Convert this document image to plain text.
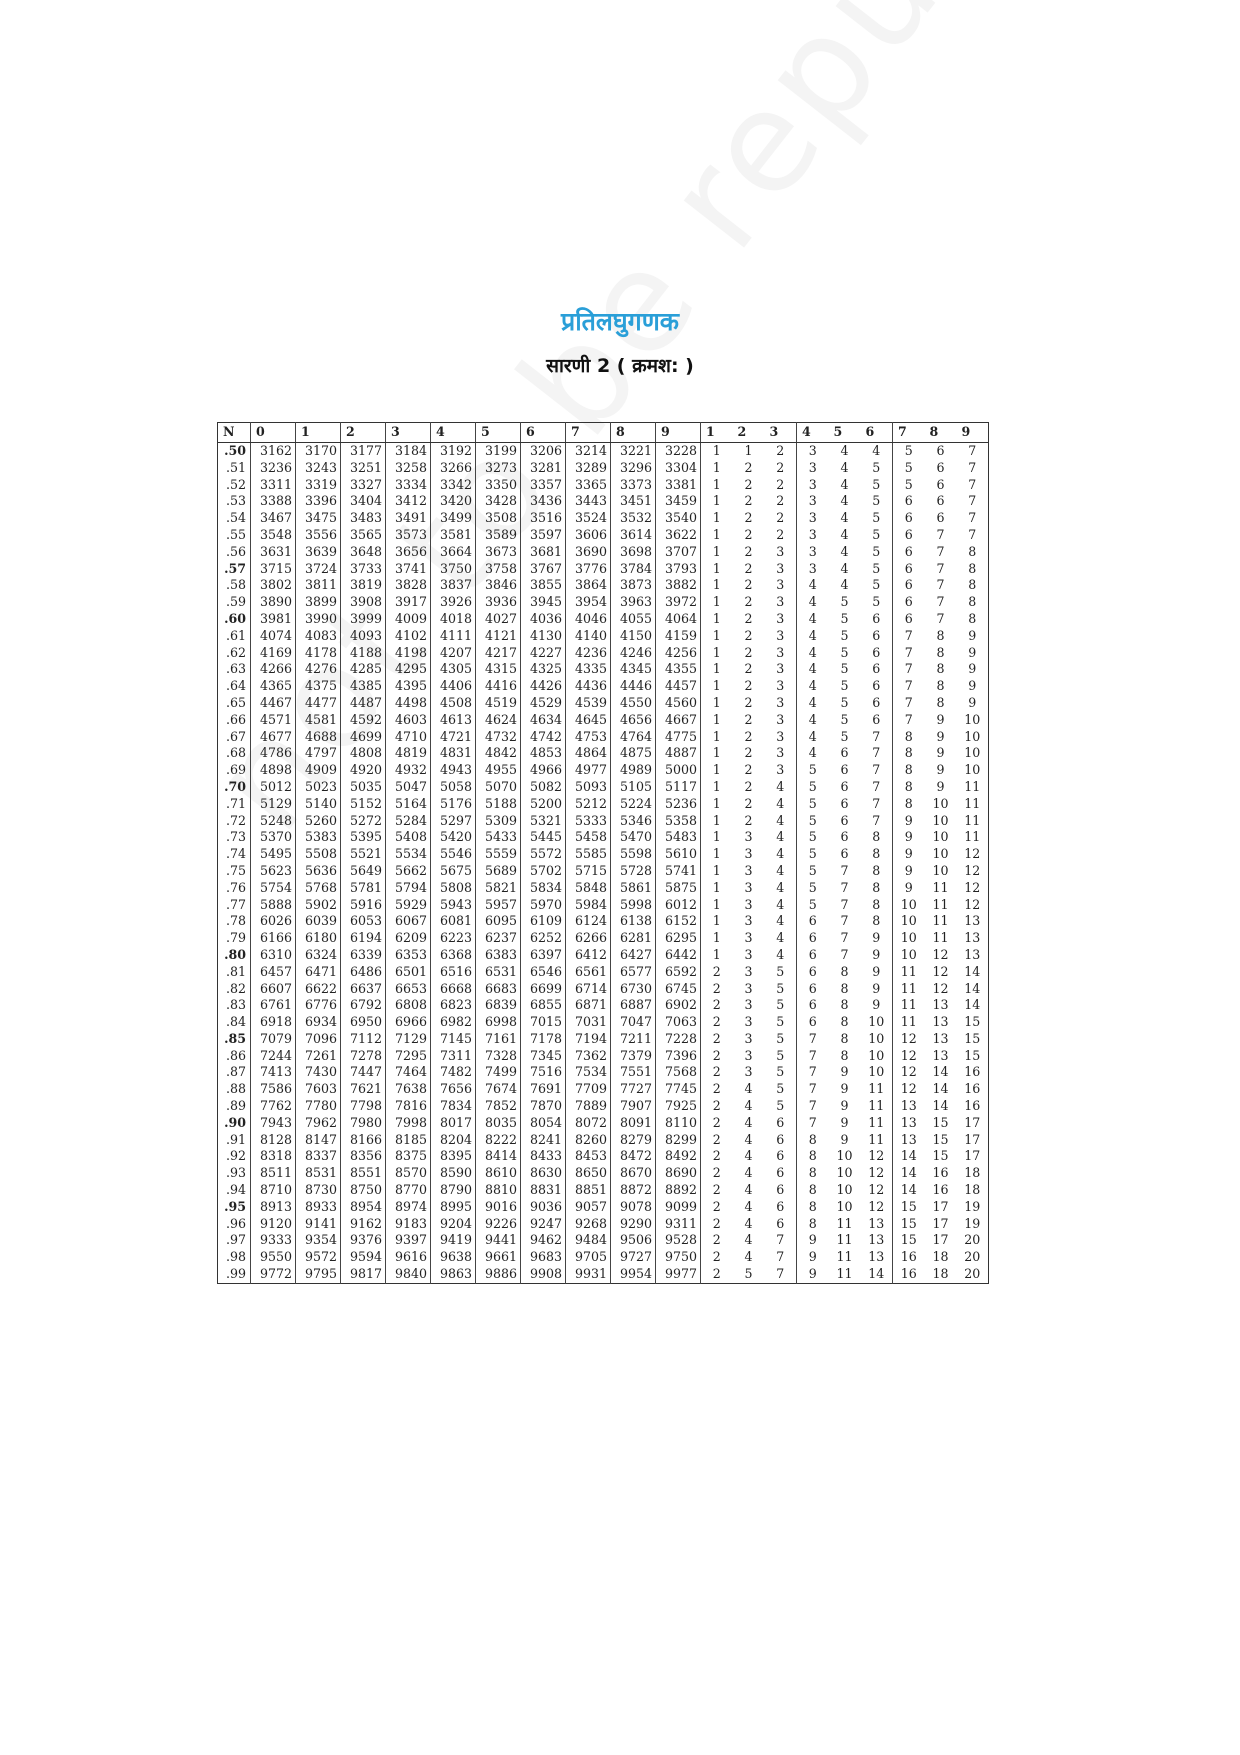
प्रतिलघुगणक
सारणी 2 ( क्रमश: )
N	0	1	2	3	4	5	6	7	8	9	1	2	3	4	5	6	7	8	9
.50	3162	3170	3177	3184	3192	3199	3206	3214	3221	3228	1	1	2	3	4	4	5	6	7
.51	3236	3243	3251	3258	3266	3273	3281	3289	3296	3304	1	2	2	3	4	5	5	6	7
.52	3311	3319	3327	3334	3342	3350	3357	3365	3373	3381	1	2	2	3	4	5	5	6	7
.53	3388	3396	3404	3412	3420	3428	3436	3443	3451	3459	1	2	2	3	4	5	6	6	7
.54	3467	3475	3483	3491	3499	3508	3516	3524	3532	3540	1	2	2	3	4	5	6	6	7
.55	3548	3556	3565	3573	3581	3589	3597	3606	3614	3622	1	2	2	3	4	5	6	7	7
.56	3631	3639	3648	3656	3664	3673	3681	3690	3698	3707	1	2	3	3	4	5	6	7	8
.57	3715	3724	3733	3741	3750	3758	3767	3776	3784	3793	1	2	3	3	4	5	6	7	8
.58	3802	3811	3819	3828	3837	3846	3855	3864	3873	3882	1	2	3	4	4	5	6	7	8
.59	3890	3899	3908	3917	3926	3936	3945	3954	3963	3972	1	2	3	4	5	5	6	7	8
.60	3981	3990	3999	4009	4018	4027	4036	4046	4055	4064	1	2	3	4	5	6	6	7	8
.61	4074	4083	4093	4102	4111	4121	4130	4140	4150	4159	1	2	3	4	5	6	7	8	9
.62	4169	4178	4188	4198	4207	4217	4227	4236	4246	4256	1	2	3	4	5	6	7	8	9
.63	4266	4276	4285	4295	4305	4315	4325	4335	4345	4355	1	2	3	4	5	6	7	8	9
.64	4365	4375	4385	4395	4406	4416	4426	4436	4446	4457	1	2	3	4	5	6	7	8	9
.65	4467	4477	4487	4498	4508	4519	4529	4539	4550	4560	1	2	3	4	5	6	7	8	9
.66	4571	4581	4592	4603	4613	4624	4634	4645	4656	4667	1	2	3	4	5	6	7	9	10
.67	4677	4688	4699	4710	4721	4732	4742	4753	4764	4775	1	2	3	4	5	7	8	9	10
.68	4786	4797	4808	4819	4831	4842	4853	4864	4875	4887	1	2	3	4	6	7	8	9	10
.69	4898	4909	4920	4932	4943	4955	4966	4977	4989	5000	1	2	3	5	6	7	8	9	10
.70	5012	5023	5035	5047	5058	5070	5082	5093	5105	5117	1	2	4	5	6	7	8	9	11
.71	5129	5140	5152	5164	5176	5188	5200	5212	5224	5236	1	2	4	5	6	7	8	10	11
.72	5248	5260	5272	5284	5297	5309	5321	5333	5346	5358	1	2	4	5	6	7	9	10	11
.73	5370	5383	5395	5408	5420	5433	5445	5458	5470	5483	1	3	4	5	6	8	9	10	11
.74	5495	5508	5521	5534	5546	5559	5572	5585	5598	5610	1	3	4	5	6	8	9	10	12
.75	5623	5636	5649	5662	5675	5689	5702	5715	5728	5741	1	3	4	5	7	8	9	10	12
.76	5754	5768	5781	5794	5808	5821	5834	5848	5861	5875	1	3	4	5	7	8	9	11	12
.77	5888	5902	5916	5929	5943	5957	5970	5984	5998	6012	1	3	4	5	7	8	10	11	12
.78	6026	6039	6053	6067	6081	6095	6109	6124	6138	6152	1	3	4	6	7	8	10	11	13
.79	6166	6180	6194	6209	6223	6237	6252	6266	6281	6295	1	3	4	6	7	9	10	11	13
.80	6310	6324	6339	6353	6368	6383	6397	6412	6427	6442	1	3	4	6	7	9	10	12	13
.81	6457	6471	6486	6501	6516	6531	6546	6561	6577	6592	2	3	5	6	8	9	11	12	14
.82	6607	6622	6637	6653	6668	6683	6699	6714	6730	6745	2	3	5	6	8	9	11	12	14
.83	6761	6776	6792	6808	6823	6839	6855	6871	6887	6902	2	3	5	6	8	9	11	13	14
.84	6918	6934	6950	6966	6982	6998	7015	7031	7047	7063	2	3	5	6	8	10	11	13	15
.85	7079	7096	7112	7129	7145	7161	7178	7194	7211	7228	2	3	5	7	8	10	12	13	15
.86	7244	7261	7278	7295	7311	7328	7345	7362	7379	7396	2	3	5	7	8	10	12	13	15
.87	7413	7430	7447	7464	7482	7499	7516	7534	7551	7568	2	3	5	7	9	10	12	14	16
.88	7586	7603	7621	7638	7656	7674	7691	7709	7727	7745	2	4	5	7	9	11	12	14	16
.89	7762	7780	7798	7816	7834	7852	7870	7889	7907	7925	2	4	5	7	9	11	13	14	16
.90	7943	7962	7980	7998	8017	8035	8054	8072	8091	8110	2	4	6	7	9	11	13	15	17
.91	8128	8147	8166	8185	8204	8222	8241	8260	8279	8299	2	4	6	8	9	11	13	15	17
.92	8318	8337	8356	8375	8395	8414	8433	8453	8472	8492	2	4	6	8	10	12	14	15	17
.93	8511	8531	8551	8570	8590	8610	8630	8650	8670	8690	2	4	6	8	10	12	14	16	18
.94	8710	8730	8750	8770	8790	8810	8831	8851	8872	8892	2	4	6	8	10	12	14	16	18
.95	8913	8933	8954	8974	8995	9016	9036	9057	9078	9099	2	4	6	8	10	12	15	17	19
.96	9120	9141	9162	9183	9204	9226	9247	9268	9290	9311	2	4	6	8	11	13	15	17	19
.97	9333	9354	9376	9397	9419	9441	9462	9484	9506	9528	2	4	7	9	11	13	15	17	20
.98	9550	9572	9594	9616	9638	9661	9683	9705	9727	9750	2	4	7	9	11	13	16	18	20
.99	9772	9795	9817	9840	9863	9886	9908	9931	9954	9977	2	5	7	9	11	14	16	18	20
